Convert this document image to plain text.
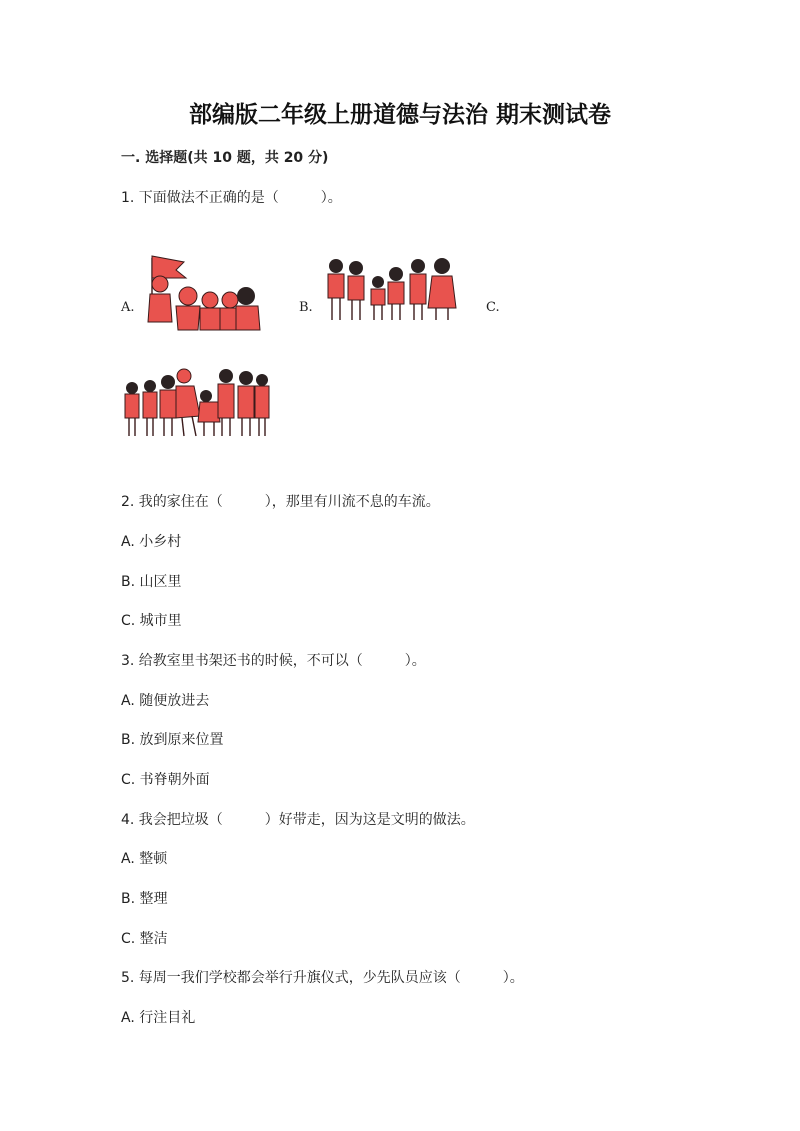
部编版二年级上册道德与法治 期末测试卷
一. 选择题(共 10 题，共 20 分)
1. 下面做法不正确的是（　　　）。
A.	B.	C.
2. 我的家住在（　　　），那里有川流不息的车流。
A. 小乡村
B. 山区里
C. 城市里
3. 给教室里书架还书的时候，不可以（　　　）。
A. 随便放进去
B. 放到原来位置
C. 书脊朝外面
4. 我会把垃圾（　　　）好带走，因为这是文明的做法。
A. 整顿
B. 整理
C. 整洁
5. 每周一我们学校都会举行升旗仪式，少先队员应该（　　　）。
A. 行注目礼
